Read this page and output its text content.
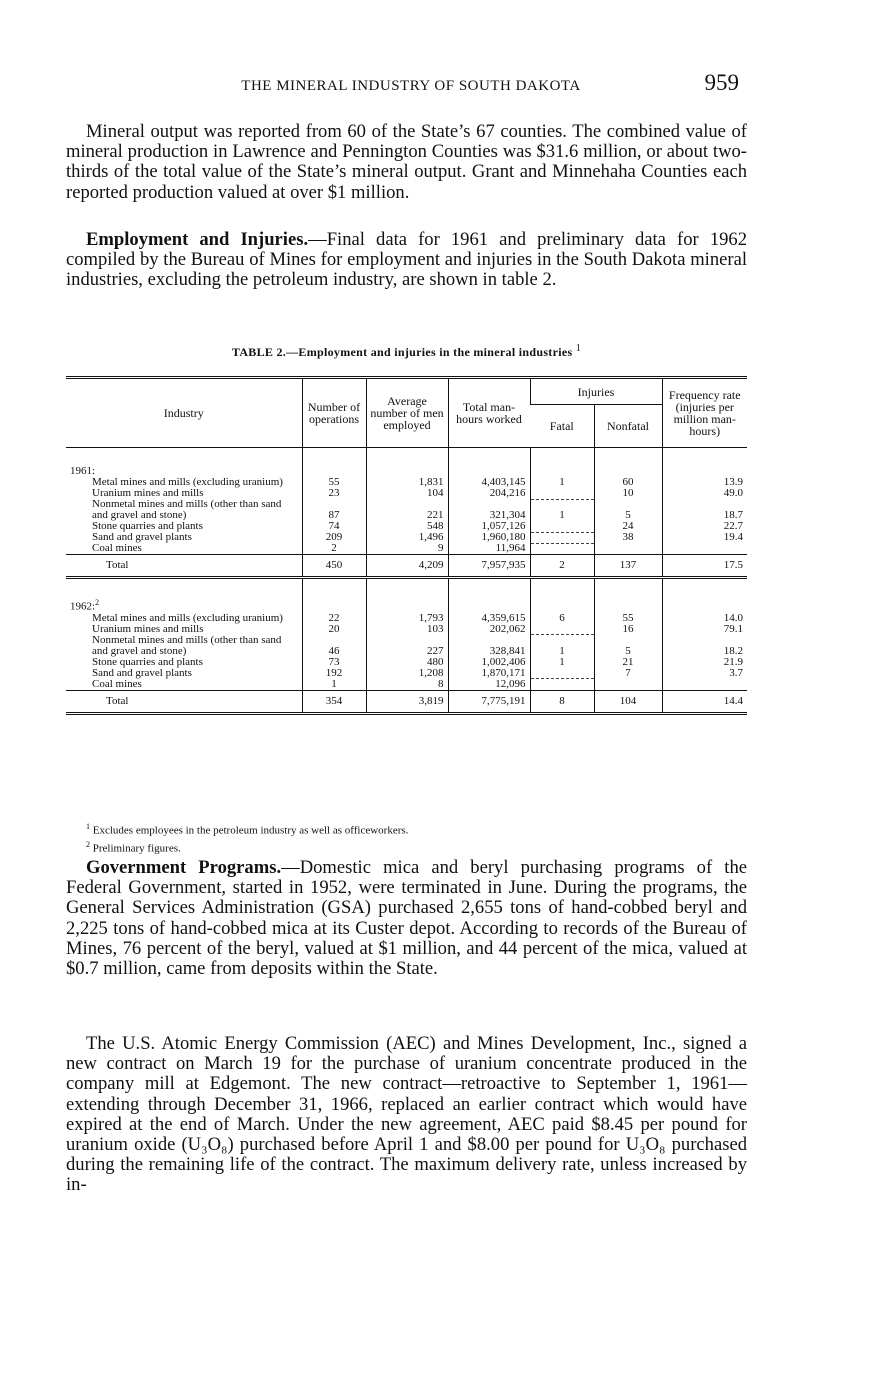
THE MINERAL INDUSTRY OF SOUTH DAKOTA	959

Mineral output was reported from 60 of the State’s 67 counties. The combined value of mineral production in Lawrence and Pennington Counties was $31.6 million, or about two-thirds of the total value of the State’s mineral output. Grant and Minnehaha Counties each reported production valued at over $1 million.

Employment and Injuries.—Final data for 1961 and preliminary data for 1962 compiled by the Bureau of Mines for employment and injuries in the South Dakota mineral industries, excluding the petroleum industry, are shown in table 2.

TABLE 2.—Employment and injuries in the mineral industries $^1$
Industry	Number of operations	Average number of men employed	Total man-hours worked	Injuries		Frequency rate (injuries per million man-hours)
				Fatal	Nonfatal	

1961:						
Metal mines and mills (excluding uranium)	55	1,831	4,403,145	1	60	13.9
Uranium mines and mills	23	104	204,216		10	49.0
Nonmetal mines and mills (other than sand and gravel and stone)	87	221	321,304	1	5	18.7
Stone quarries and plants	74	548	1,057,126		24	22.7
Sand and gravel plants	209	1,496	1,960,180		38	19.4
Coal mines	2	9	11,964			
Total	450	4,209	7,957,935	2	137	17.5

1962:$^2$						
Metal mines and mills (excluding uranium)	22	1,793	4,359,615	6	55	14.0
Uranium mines and mills	20	103	202,062		16	79.1
Nonmetal mines and mills (other than sand and gravel and stone)	46	227	328,841	1	5	18.2
Stone quarries and plants	73	480	1,002,406	1	21	21.9
Sand and gravel plants	192	1,208	1,870,171		7	3.7
Coal mines	1	8	12,096			
Total	354	3,819	7,775,191	8	104	14.4
$^1$ Excludes employees in the petroleum industry as well as officeworkers.
$^2$ Preliminary figures.

Government Programs.—Domestic mica and beryl purchasing programs of the Federal Government, started in 1952, were terminated in June. During the programs, the General Services Administration (GSA) purchased 2,655 tons of hand-cobbed beryl and 2,225 tons of hand-cobbed mica at its Custer depot. According to records of the Bureau of Mines, 76 percent of the beryl, valued at $1 million, and 44 percent of the mica, valued at $0.7 million, came from deposits within the State.

The U.S. Atomic Energy Commission (AEC) and Mines Development, Inc., signed a new contract on March 19 for the purchase of uranium concentrate produced in the company mill at Edgemont. The new contract—retroactive to September 1, 1961—extending through December 31, 1966, replaced an earlier contract which would have expired at the end of March. Under the new agreement, AEC paid $8.45 per pound for uranium oxide (U₃O₈) purchased before April 1 and $8.00 per pound for U₃O₈ purchased during the remaining life of the contract. The maximum delivery rate, unless increased by in-
